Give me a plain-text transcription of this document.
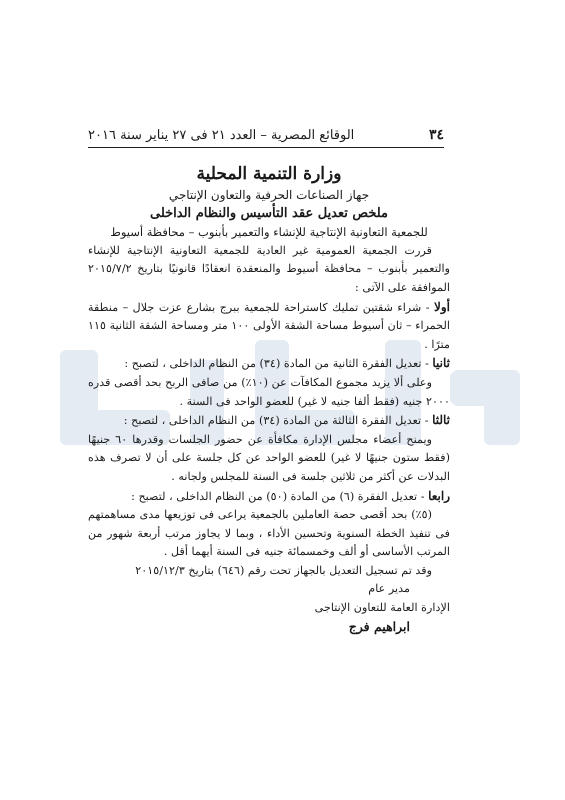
٣٤
الوقائع المصرية – العدد ٢١ فى ٢٧ يناير سنة ٢٠١٦
وزارة التنمية المحلية
جهاز الصناعات الحرفية والتعاون الإنتاجي
ملخص تعديل عقد التأسيس والنظام الداخلى
للجمعية التعاونية الإنتاجية للإنشاء والتعمير بأبنوب – محافظة أسيوط
قررت الجمعية العمومية غير العادية للجمعية التعاونية الإنتاجية للإنشاء والتعمير بأبنوب – محافظة أسيوط والمنعقدة انعقادًا قانونيًا بتاريخ ٢٠١٥/٧/٢ الموافقة على الآتى :
أولا - شراء شقتين تمليك كاستراحة للجمعية ببرج بشارع عزت جلال – منطقة الحمراء – ثان أسيوط مساحة الشقة الأولى ١٠٠ متر ومساحة الشقة الثانية ١١٥ مترًا .
ثانيا - تعديل الفقرة الثانية من المادة (٣٤) من النظام الداخلى ، لتصبح :
وعلى ألا يزيد مجموع المكافآت عن (١٠٪) من صافى الربح بحد أقصى قدره ٢٠٠٠ جنيه (فقط ألفا جنيه لا غير) للعضو الواحد فى السنة .
ثالثا - تعديل الفقرة الثالثة من المادة (٣٤) من النظام الداخلى ، لتصبح :
ويمنح أعضاء مجلس الإدارة مكافأة عن حضور الجلسات وقدرها ٦٠ جنيهًا (فقط ستون جنيهًا لا غير) للعضو الواحد عن كل جلسة على أن لا تصرف هذه البدلات عن أكثر من ثلاثين جلسة فى السنة للمجلس ولجانه .
رابعا - تعديل الفقرة (٦) من المادة (٥٠) من النظام الداخلى ، لتصبح :
(٥٪) بحد أقصى حصة العاملين بالجمعية يراعى فى توزيعها مدى مساهمتهم فى تنفيذ الخطة السنوية وتحسين الأداء ، وبما لا يجاوز مرتب أربعة شهور من المرتب الأساسى أو ألف وخمسمائة جنيه فى السنة أيهما أقل .
وقد تم تسجيل التعديل بالجهاز تحت رقم (٦٤٦) بتاريخ ٢٠١٥/١٢/٣
مدير عام
الإدارة العامة للتعاون الإنتاجى
ابراهيم فرج
